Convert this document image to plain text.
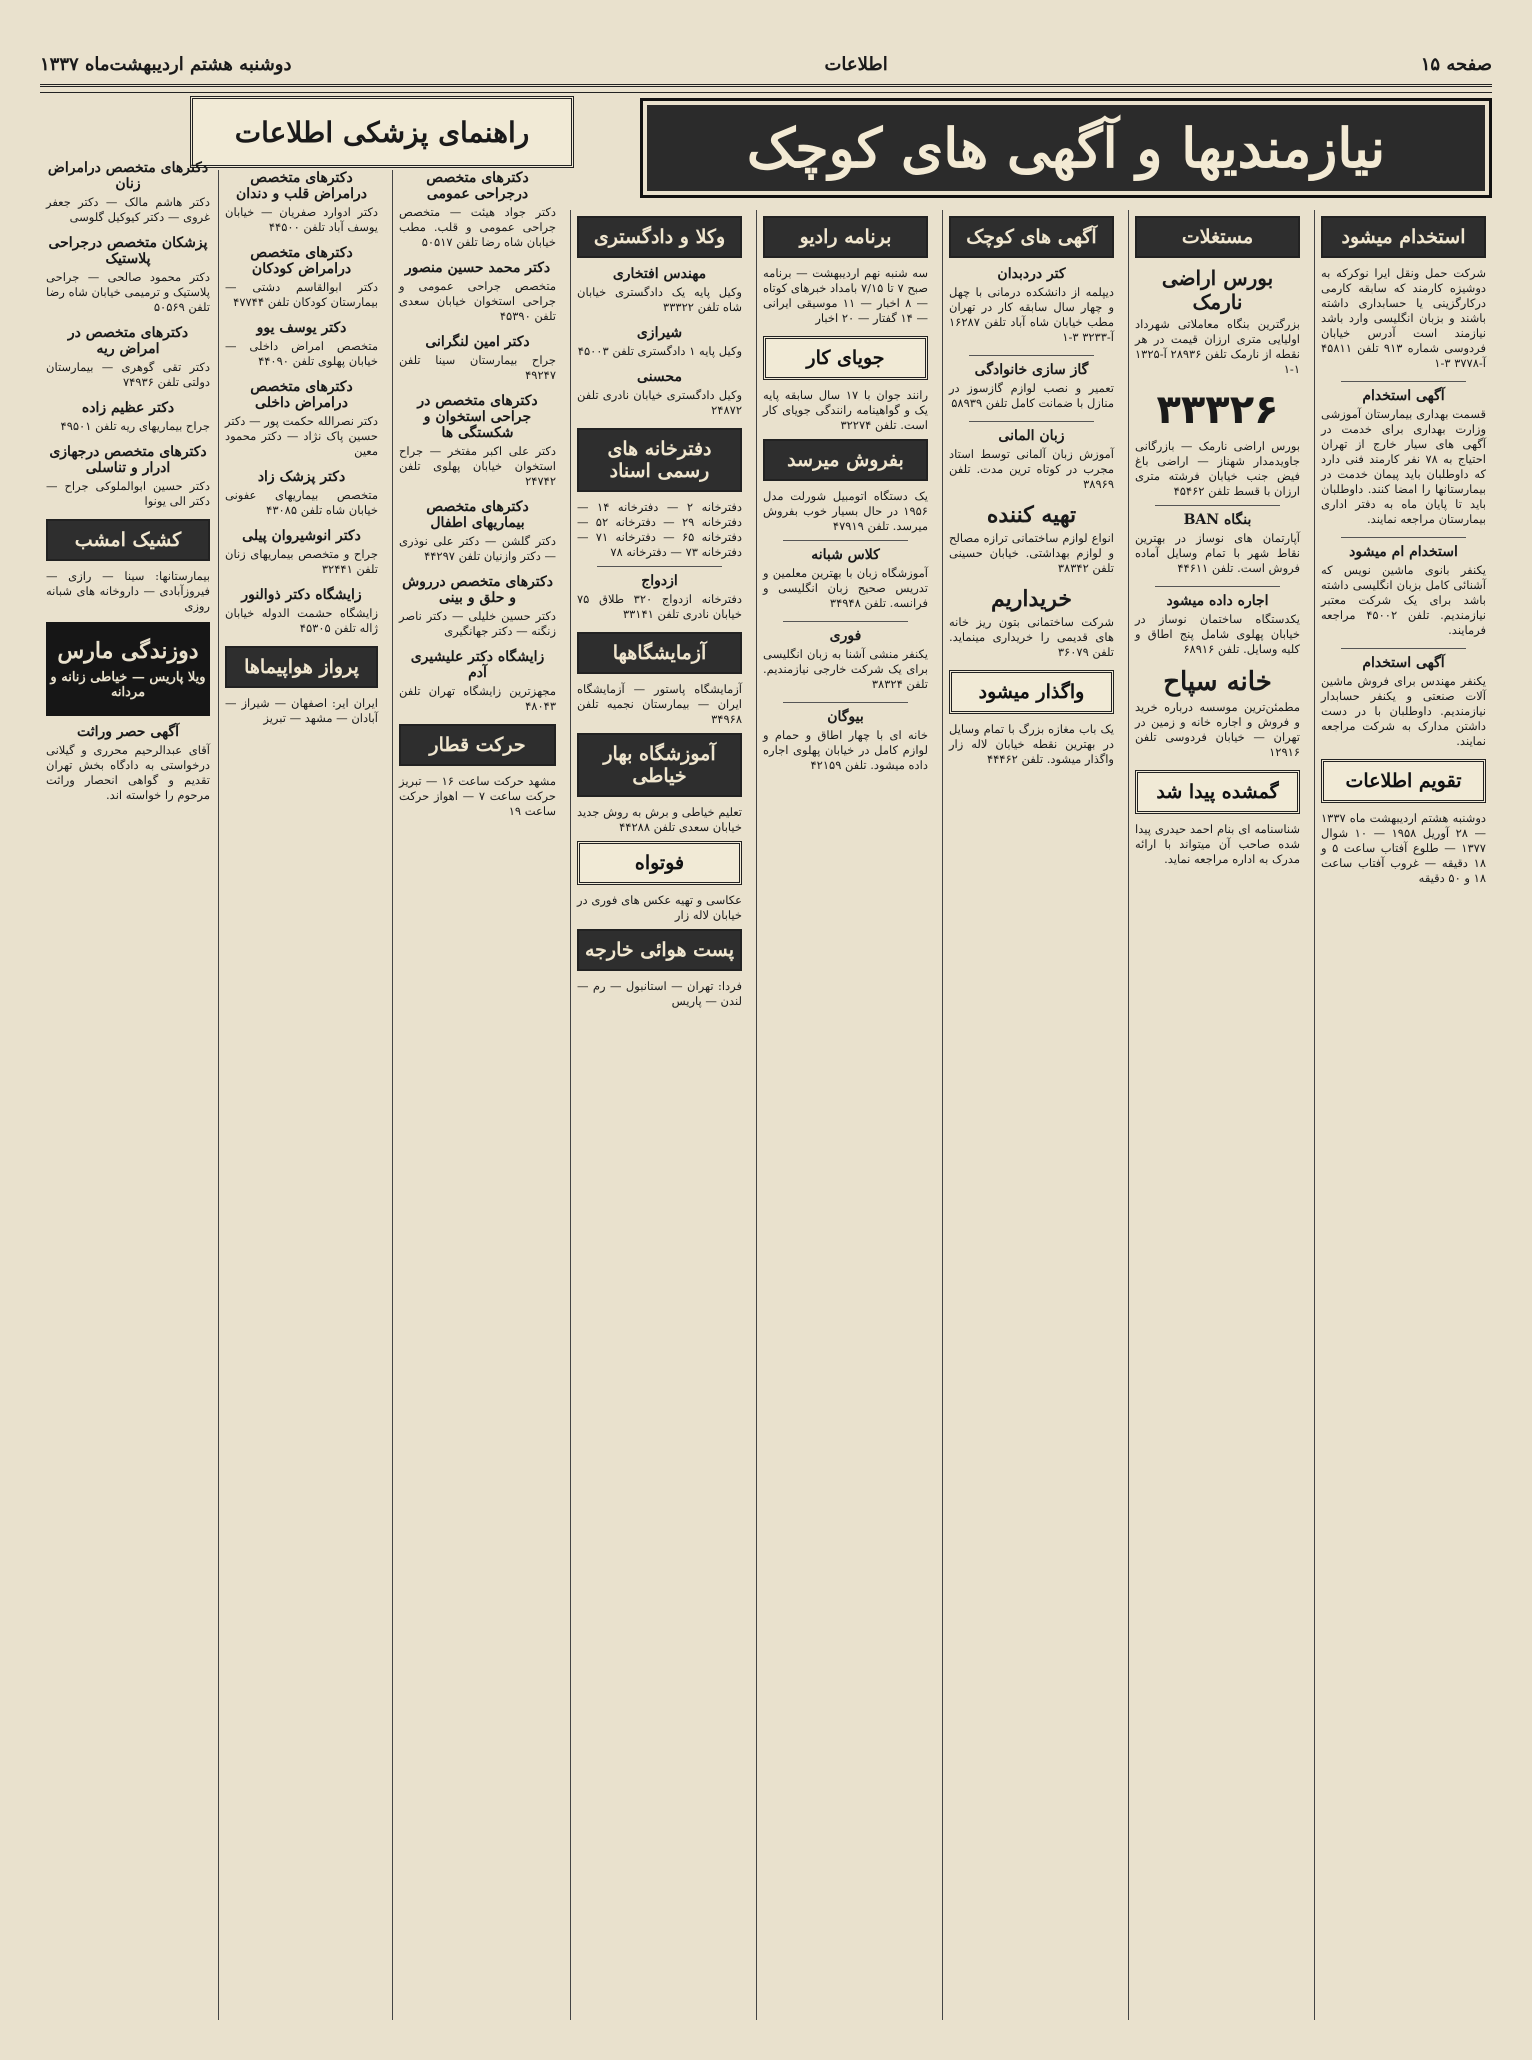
صفحه ۱۵
اطلاعات
دوشنبه هشتم اردیبهشت‌ماه ۱۳۳۷
نیازمندیها و آگهی های کوچک
راهنمای پزشکی اطلاعات
استخدام میشود
شرکت حمل ونقل ایرا نوکرکه به دوشیزه کارمند که سابقه کارمی درکارگزینی یا حسابداری داشته باشند و بزبان انگلیسی وارد باشد نیازمند است آدرس خیابان فردوسی شماره ۹۱۳ تلفن ۴۵۸۱۱ آ-۳۷۷۸ ۳-۱
آگهی استخدام
قسمت بهداری بیمارستان آموزشی وزارت بهداری برای خدمت در آگهی های سیار خارج از تهران احتیاج به ۷۸ نفر کارمند فنی دارد که داوطلبان باید پیمان خدمت در بیمارستانها را امضا کنند. داوطلبان باید تا پایان ماه به دفتر اداری بیمارستان مراجعه نمایند.
استخدام ام میشود
یکنفر بانوی ماشین نویس که آشنائی کامل بزبان انگلیسی داشته باشد برای یک شرکت معتبر نیازمندیم. تلفن ۴۵۰۰۲ مراجعه فرمایند.
آگهی استخدام
یکنفر مهندس برای فروش ماشین آلات صنعتی و یکنفر حسابدار نیازمندیم. داوطلبان با در دست داشتن مدارک به شرکت مراجعه نمایند.
تقویم اطلاعات
دوشنبه هشتم اردیبهشت ماه ۱۳۳۷ — ۲۸ آوریل ۱۹۵۸ — ۱۰ شوال ۱۳۷۷ — طلوع آفتاب ساعت ۵ و ۱۸ دقیقه — غروب آفتاب ساعت ۱۸ و ۵۰ دقیقه
مستغلات
بورس اراضی نارمک
بزرگترین بنگاه معاملاتی شهرداد اولیایی متری ارزان قیمت در هر نقطه از نارمک تلفن ۲۸۹۳۶ آ-۱۳۲۵ ۱-۱
۳۳۳۲۶
بورس اراضی نارمک — بازرگانی جاویدمدار شهناز — اراضی باغ فیض جنب خیابان فرشته متری ارزان با قسط تلفن ۴۵۴۶۲
بنگاه BAN
آپارتمان های نوساز در بهترین نقاط شهر با تمام وسایل آماده فروش است. تلفن ۴۴۶۱۱
اجاره داده میشود
یکدستگاه ساختمان نوساز در خیابان پهلوی شامل پنج اطاق و کلیه وسایل. تلفن ۶۸۹۱۶
خانه سپاح
مطمئن‌ترین موسسه درباره خرید و فروش و اجاره خانه و زمین در تهران — خیابان فردوسی تلفن ۱۲۹۱۶
گمشده پیدا شد
شناسنامه ای بنام احمد حیدری پیدا شده صاحب آن میتواند با ارائه مدرک به اداره مراجعه نماید.
آگهی های کوچک
کتر دردبدان
دیپلمه از دانشکده درمانی با چهل و چهار سال سابقه کار در تهران مطب خیابان شاه آباد تلفن ۱۶۲۸۷ آ-۳۲۳۳ ۳-۱
گاز سازی خانوادگی
تعمیر و نصب لوازم گازسوز در منازل با ضمانت کامل تلفن ۵۸۹۳۹
زبان المانی
آموزش زبان آلمانی توسط استاد مجرب در کوتاه ترین مدت. تلفن ۳۸۹۶۹
تهیه کننده
انواع لوازم ساختمانی ترازه مصالح و لوازم بهداشتی. خیابان حسینی تلفن ۳۸۳۴۲
خریداریم
شرکت ساختمانی بتون ریز خانه های قدیمی را خریداری مینماید. تلفن ۳۶۰۷۹
واگذار میشود
یک باب مغازه بزرگ با تمام وسایل در بهترین نقطه خیابان لاله زار واگذار میشود. تلفن ۴۴۴۶۲
برنامه رادیو
سه شنبه نهم اردیبهشت — برنامه صبح ۷ تا ۷/۱۵ بامداد خبرهای کوتاه — ۸ اخبار — ۱۱ موسیقی ایرانی — ۱۴ گفتار — ۲۰ اخبار
جویای کار
رانند جوان با ۱۷ سال سابقه پایه یک و گواهینامه رانندگی جویای کار است. تلفن ۳۲۲۷۴
بفروش میرسد
یک دستگاه اتومبیل شورلت مدل ۱۹۵۶ در حال بسیار خوب بفروش میرسد. تلفن ۴۷۹۱۹
کلاس شبانه
آموزشگاه زبان با بهترین معلمین و تدریس صحیح زبان انگلیسی و فرانسه. تلفن ۳۴۹۴۸
فوری
یکنفر منشی آشنا به زبان انگلیسی برای یک شرکت خارجی نیازمندیم. تلفن ۳۸۳۲۴
بیوگان
خانه ای با چهار اطاق و حمام و لوازم کامل در خیابان پهلوی اجاره داده میشود. تلفن ۴۲۱۵۹
وکلا و دادگستری
مهندس افتخاری
وکیل پایه یک دادگستری خیابان شاه تلفن ۳۳۳۲۲
شیرازی
وکیل پایه ۱ دادگستری تلفن ۴۵۰۰۳
محسنی
وکیل دادگستری خیابان نادری تلفن ۲۴۸۷۲
دفترخانه های رسمی اسناد
دفترخانه ۲ — دفترخانه ۱۴ — دفترخانه ۲۹ — دفترخانه ۵۲ — دفترخانه ۶۵ — دفترخانه ۷۱ — دفترخانه ۷۳ — دفترخانه ۷۸
ازدواج
دفترخانه ازدواج ۳۲۰ طلاق ۷۵ خیابان نادری تلفن ۳۳۱۴۱
آزمایشگاهها
آزمایشگاه پاستور — آزمایشگاه ایران — بیمارستان نجمیه تلفن ۳۴۹۶۸
آموزشگاه بهار خیاطی
تعلیم خیاطی و برش به روش جدید خیابان سعدی تلفن ۴۴۲۸۸
فوتواه
عکاسی و تهیه عکس های فوری در خیابان لاله زار
پست هوائی خارجه
فردا: تهران — استانبول — رم — لندن — پاریس
دکترهای متخصص درجراحی عمومی
دکتر جواد هیئت — متخصص جراحی عمومی و قلب. مطب خیابان شاه رضا تلفن ۵۰۵۱۷
دکتر محمد حسین منصور
متخصص جراحی عمومی و جراحی استخوان خیابان سعدی تلفن ۴۵۳۹۰
دکتر امین لنگرانی
جراح بیمارستان سینا تلفن ۴۹۲۴۷
دکترهای متخصص در جراحی استخوان و شکستگی ها
دکتر علی اکبر مفتخر — جراح استخوان خیابان پهلوی تلفن ۲۴۷۴۲
دکترهای متخصص بیماریهای اطفال
دکتر گلشن — دکتر علی نوذری — دکتر وازنیان تلفن ۴۴۲۹۷
دکترهای متخصص درروش و حلق و بینی
دکتر حسین خلیلی — دکتر ناصر زنگنه — دکتر جهانگیری
زایشگاه دکتر علیشیری آدم
مجهزترین زایشگاه تهران تلفن ۴۸۰۴۳
حرکت قطار
مشهد حرکت ساعت ۱۶ — تبریز حرکت ساعت ۷ — اهواز حرکت ساعت ۱۹
دکترهای متخصص درامراض قلب و دندان
دکتر ادوارد صفریان — خیابان یوسف آباد تلفن ۴۴۵۰۰
دکترهای متخصص درامراض کودکان
دکتر ابوالقاسم دشتی — بیمارستان کودکان تلفن ۴۷۷۴۴
دکتر یوسف یوو
متخصص امراض داخلی — خیابان پهلوی تلفن ۴۴۰۹۰
دکترهای متخصص درامراض داخلی
دکتر نصرالله حکمت پور — دکتر حسین پاک نژاد — دکتر محمود معین
دکتر پزشک زاد
متخصص بیماریهای عفونی خیابان شاه تلفن ۴۳۰۸۵
دکتر انوشیروان پیلی
جراح و متخصص بیماریهای زنان تلفن ۳۲۴۴۱
زایشگاه دکتر ذوالنور
زایشگاه حشمت الدوله خیابان ژاله تلفن ۴۵۳۰۵
پرواز هواپیماها
ایران ایر: اصفهان — شیراز — آبادان — مشهد — تبریز
دکترهای متخصص درامراض زنان
دکتر هاشم مالک — دکتر جعفر غروی — دکتر کیوکیل گلوسی
پزشکان متخصص درجراحی پلاستیک
دکتر محمود صالحی — جراحی پلاستیک و ترمیمی خیابان شاه رضا تلفن ۵۰۵۶۹
دکترهای متخصص در امراض ریه
دکتر تقی گوهری — بیمارستان دولتی تلفن ۷۴۹۳۶
دکتر عظیم زاده
جراح بیماریهای ریه تلفن ۴۹۵۰۱
دکترهای متخصص درجهازی ادرار و تناسلی
دکتر حسین ابوالملوکی جراح — دکتر الی یونوا
کشیک امشب
بیمارستانها: سینا — رازی — فیروزآبادی — داروخانه های شبانه روزی
دوزندگی مارس
ویلا پاریس — خیاطی زنانه و مردانه
آگهی حصر وراثت
آقای عبدالرحیم محرری و گیلانی درخواستی به دادگاه بخش تهران تقدیم و گواهی انحصار وراثت مرحوم را خواسته اند.
